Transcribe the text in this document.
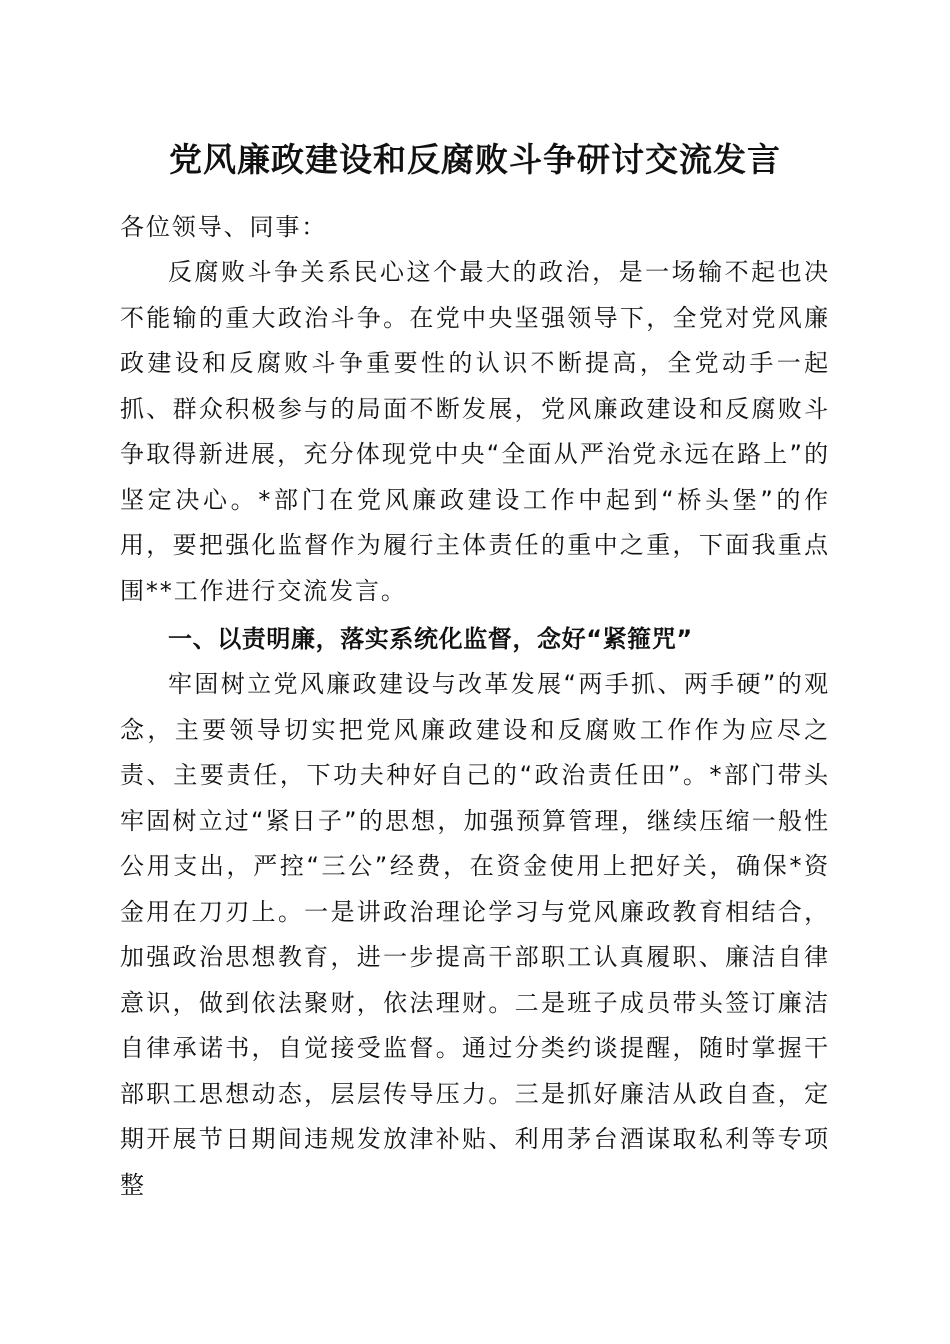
党风廉政建设和反腐败斗争研讨交流发言

各位领导、同事：

反腐败斗争关系民心这个最大的政治，是一场输不起也决不能输的重大政治斗争。在党中央坚强领导下，全党对党风廉政建设和反腐败斗争重要性的认识不断提高，全党动手一起抓、群众积极参与的局面不断发展，党风廉政建设和反腐败斗争取得新进展，充分体现党中央“全面从严治党永远在路上”的坚定决心。*部门在党风廉政建设工作中起到“桥头堡”的作用，要把强化监督作为履行主体责任的重中之重，下面我重点围**工作进行交流发言。

一、以责明廉，落实系统化监督，念好“紧箍咒”

牢固树立党风廉政建设与改革发展“两手抓、两手硬”的观念，主要领导切实把党风廉政建设和反腐败工作作为应尽之责、主要责任，下功夫种好自己的“政治责任田”。*部门带头牢固树立过“紧日子”的思想，加强预算管理，继续压缩一般性公用支出，严控“三公”经费，在资金使用上把好关，确保*资金用在刀刃上。一是讲政治理论学习与党风廉政教育相结合，加强政治思想教育，进一步提高干部职工认真履职、廉洁自律意识，做到依法聚财，依法理财。二是班子成员带头签订廉洁自律承诺书，自觉接受监督。通过分类约谈提醒，随时掌握干部职工思想动态，层层传导压力。三是抓好廉洁从政自查，定期开展节日期间违规发放津补贴、利用茅台酒谋取私利等专项整
